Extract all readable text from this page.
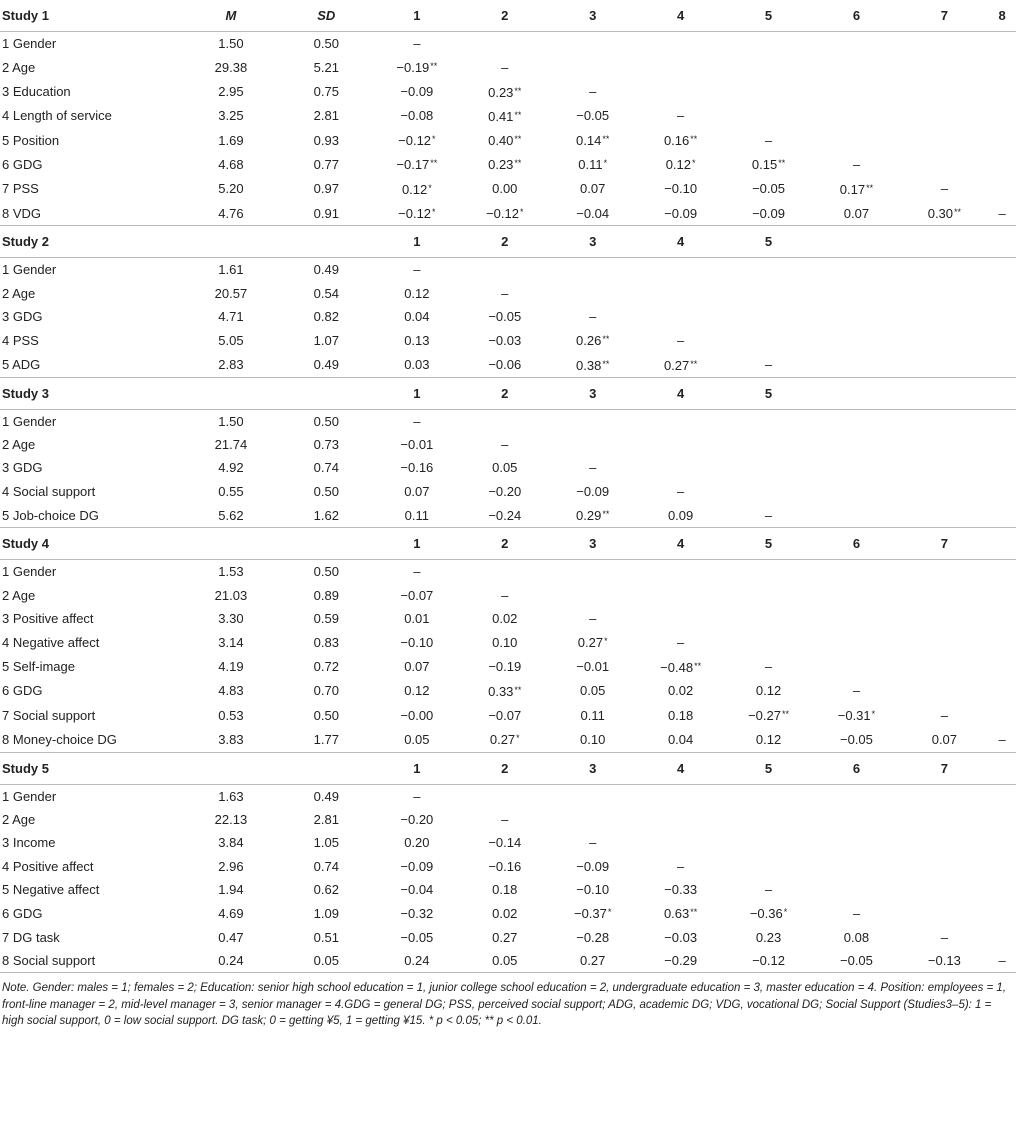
Study 1	M	SD	1	2	3	4	5	6	7	8
1 Gender	1.50	0.50	–							
2 Age	29.38	5.21	−0.19**	–						
3 Education	2.95	0.75	−0.09	0.23**	–					
4 Length of service	3.25	2.81	−0.08	0.41**	−0.05	–				
5 Position	1.69	0.93	−0.12*	0.40**	0.14**	0.16**	–			
6 GDG	4.68	0.77	−0.17**	0.23**	0.11*	0.12*	0.15**	–		
7 PSS	5.20	0.97	0.12*	0.00	0.07	−0.10	−0.05	0.17**	–	
8 VDG	4.76	0.91	−0.12*	−0.12*	−0.04	−0.09	−0.09	0.07	0.30**	–
Study 2			1	2	3	4	5			
1 Gender	1.61	0.49	–							
2 Age	20.57	0.54	0.12	–						
3 GDG	4.71	0.82	0.04	−0.05	–					
4 PSS	5.05	1.07	0.13	−0.03	0.26**	–				
5 ADG	2.83	0.49	0.03	−0.06	0.38**	0.27**	–			
Study 3			1	2	3	4	5			
1 Gender	1.50	0.50	–							
2 Age	21.74	0.73	−0.01	–						
3 GDG	4.92	0.74	−0.16	0.05	–					
4 Social support	0.55	0.50	0.07	−0.20	−0.09	–				
5 Job-choice DG	5.62	1.62	0.11	−0.24	0.29**	0.09	–			
Study 4			1	2	3	4	5	6	7	
1 Gender	1.53	0.50	–							
2 Age	21.03	0.89	−0.07	–						
3 Positive affect	3.30	0.59	0.01	0.02	–					
4 Negative affect	3.14	0.83	−0.10	0.10	0.27*	–				
5 Self-image	4.19	0.72	0.07	−0.19	−0.01	−0.48**	–			
6 GDG	4.83	0.70	0.12	0.33**	0.05	0.02	0.12	–		
7 Social support	0.53	0.50	−0.00	−0.07	0.11	0.18	−0.27**	−0.31*	–	
8 Money-choice DG	3.83	1.77	0.05	0.27*	0.10	0.04	0.12	−0.05	0.07	–
Study 5			1	2	3	4	5	6	7	
1 Gender	1.63	0.49	–							
2 Age	22.13	2.81	−0.20	–						
3 Income	3.84	1.05	0.20	−0.14	–					
4 Positive affect	2.96	0.74	−0.09	−0.16	−0.09	–				
5 Negative affect	1.94	0.62	−0.04	0.18	−0.10	−0.33	–			
6 GDG	4.69	1.09	−0.32	0.02	−0.37*	0.63**	−0.36*	–		
7 DG task	0.47	0.51	−0.05	0.27	−0.28	−0.03	0.23	0.08	–	
8 Social support	0.24	0.05	0.24	0.05	0.27	−0.29	−0.12	−0.05	−0.13	–
Note. Gender: males = 1; females = 2; Education: senior high school education = 1, junior college school education = 2, undergraduate education = 3, master education = 4. Position: employees = 1, front-line manager = 2, mid-level manager = 3, senior manager = 4.GDG = general DG; PSS, perceived social support; ADG, academic DG; VDG, vocational DG; Social Support (Studies3–5): 1 = high social support, 0 = low social support. DG task; 0 = getting ¥5, 1 = getting ¥15. * p < 0.05; ** p < 0.01.
